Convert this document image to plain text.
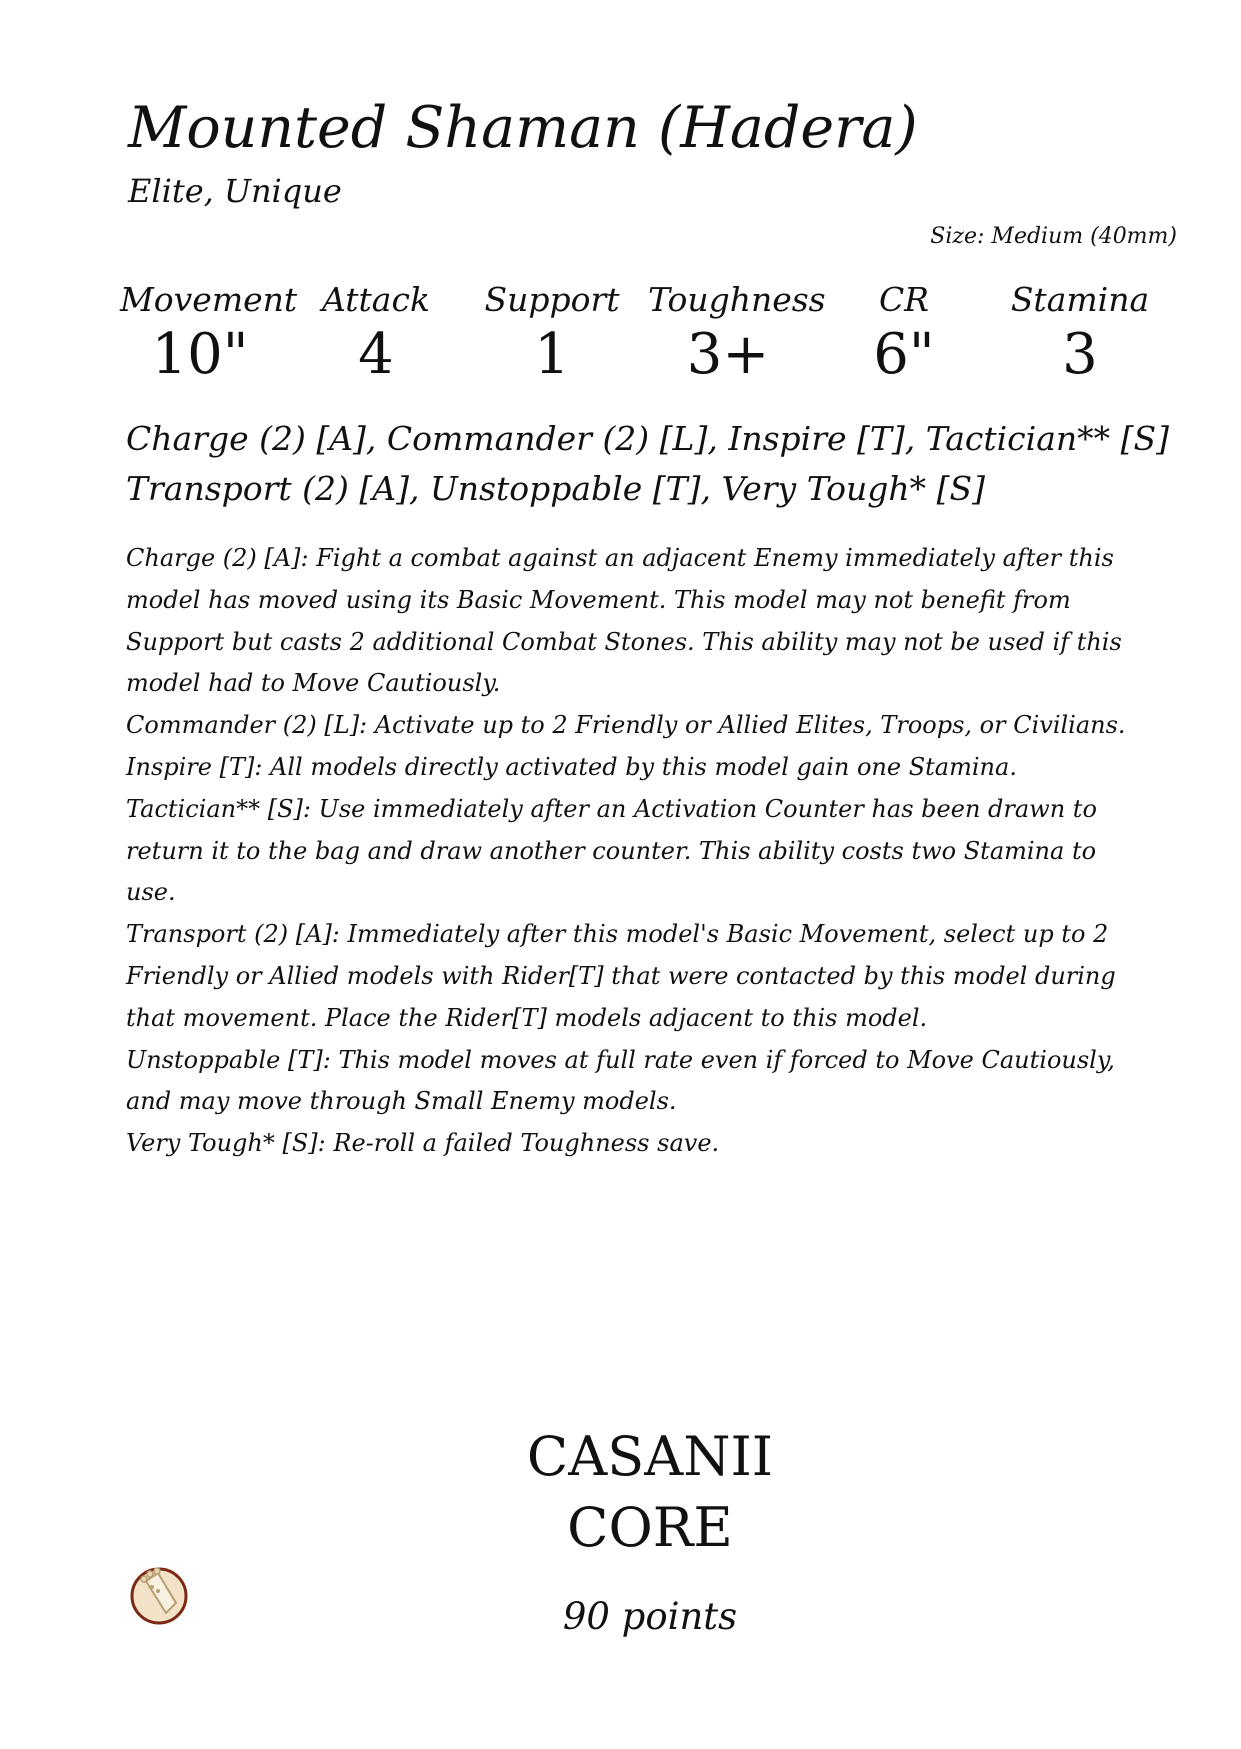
Mounted Shaman (Hadera)
Elite, Unique
Size: Medium (40mm)
Movement
10"
Attack
4
Support
1
Toughness
3+
CR
6"
Stamina
3
Charge (2) [A], Commander (2) [L], Inspire [T], Tactician** [S]
Transport (2) [A], Unstoppable [T], Very Tough* [S]

Charge (2) [A]: Fight a combat against an adjacent Enemy immediately after this model has moved using its Basic Movement. This model may not benefit from Support but casts 2 additional Combat Stones. This ability may not be used if this model had to Move Cautiously.

Commander (2) [L]: Activate up to 2 Friendly or Allied Elites, Troops, or Civilians.

Inspire [T]: All models directly activated by this model gain one Stamina.

Tactician** [S]: Use immediately after an Activation Counter has been drawn to return it to the bag and draw another counter. This ability costs two Stamina to use.

Transport (2) [A]: Immediately after this model's Basic Movement, select up to 2 Friendly or Allied models with Rider[T] that were contacted by this model during that movement. Place the Rider[T] models adjacent to this model.

Unstoppable [T]: This model moves at full rate even if forced to Move Cautiously, and may move through Small Enemy models.

Very Tough* [S]: Re-roll a failed Toughness save.

CASANII
CORE
90 points
